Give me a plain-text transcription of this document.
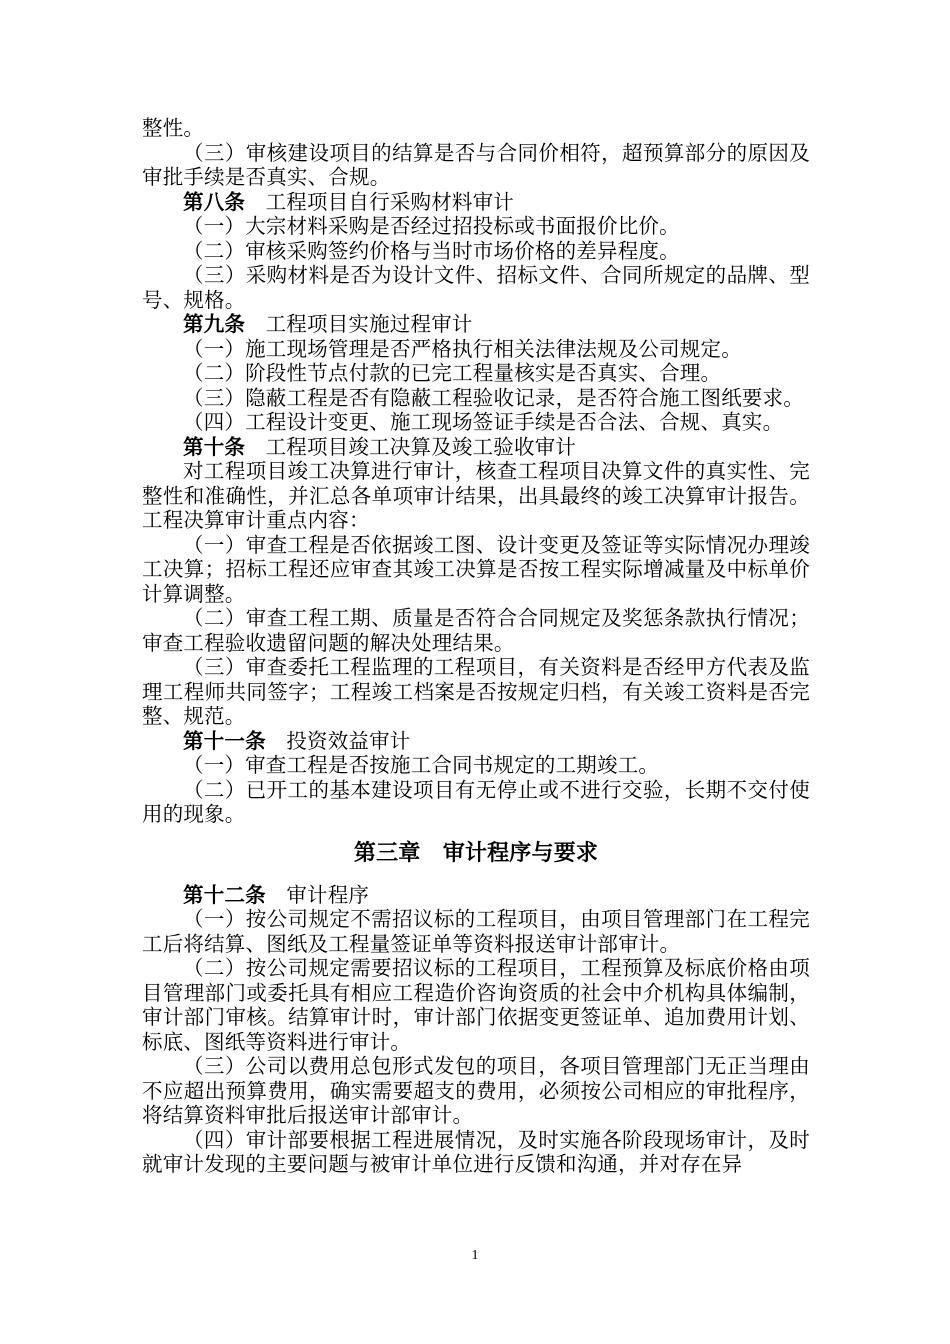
整性。

（三）审核建设项目的结算是否与合同价相符，超预算部分的原因及审批手续是否真实、合规。

第八条 工程项目自行采购材料审计

（一）大宗材料采购是否经过招投标或书面报价比价。

（二）审核采购签约价格与当时市场价格的差异程度。

（三）采购材料是否为设计文件、招标文件、合同所规定的品牌、型号、规格。

第九条 工程项目实施过程审计

（一）施工现场管理是否严格执行相关法律法规及公司规定。

（二）阶段性节点付款的已完工程量核实是否真实、合理。

（三）隐蔽工程是否有隐蔽工程验收记录，是否符合施工图纸要求。

（四）工程设计变更、施工现场签证手续是否合法、合规、真实。

第十条 工程项目竣工决算及竣工验收审计

对工程项目竣工决算进行审计，核查工程项目决算文件的真实性、完整性和准确性，并汇总各单项审计结果，出具最终的竣工决算审计报告。工程决算审计重点内容：

（一）审查工程是否依据竣工图、设计变更及签证等实际情况办理竣工决算；招标工程还应审查其竣工决算是否按工程实际增减量及中标单价计算调整。

（二）审查工程工期、质量是否符合合同规定及奖惩条款执行情况；审查工程验收遗留问题的解决处理结果。

（三）审查委托工程监理的工程项目，有关资料是否经甲方代表及监理工程师共同签字；工程竣工档案是否按规定归档，有关竣工资料是否完整、规范。

第十一条 投资效益审计

（一）审查工程是否按施工合同书规定的工期竣工。

（二）已开工的基本建设项目有无停止或不进行交验，长期不交付使用的现象。

第三章　审计程序与要求

第十二条 审计程序

（一）按公司规定不需招议标的工程项目，由项目管理部门在工程完工后将结算、图纸及工程量签证单等资料报送审计部审计。

（二）按公司规定需要招议标的工程项目，工程预算及标底价格由项目管理部门或委托具有相应工程造价咨询资质的社会中介机构具体编制，审计部门审核。结算审计时，审计部门依据变更签证单、追加费用计划、标底、图纸等资料进行审计。

（三）公司以费用总包形式发包的项目，各项目管理部门无正当理由不应超出预算费用，确实需要超支的费用，必须按公司相应的审批程序，将结算资料审批后报送审计部审计。

（四）审计部要根据工程进展情况，及时实施各阶段现场审计，及时就审计发现的主要问题与被审计单位进行反馈和沟通，并对存在异

1
